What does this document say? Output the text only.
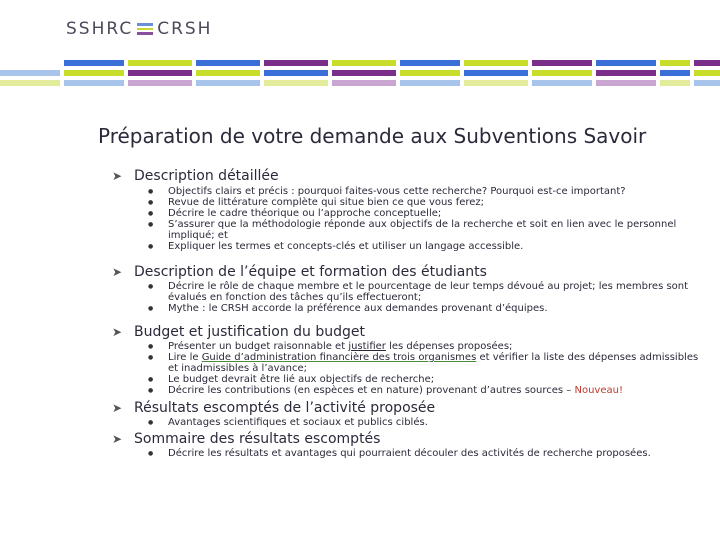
SSHRC CRSH
Préparation de votre demande aux Subventions Savoir
➤ Description détaillée
● Objectifs clairs et précis : pourquoi faites-vous cette recherche? Pourquoi est-ce important?
● Revue de littérature complète qui situe bien ce que vous ferez;
● Décrire le cadre théorique ou l’approche conceptuelle;
● S’assurer que la méthodologie réponde aux objectifs de la recherche et soit en lien avec le personnel impliqué; et
● Expliquer les termes et concepts-clés et utiliser un langage accessible.
➤ Description de l’équipe et formation des étudiants
● Décrire le rôle de chaque membre et le pourcentage de leur temps dévoué au projet; les membres sont évalués en fonction des tâches qu’ils effectueront;
● Mythe : le CRSH accorde la préférence aux demandes provenant d’équipes.
➤ Budget et justification du budget
● Présenter un budget raisonnable et justifier les dépenses proposées;
● Lire le Guide d’administration financière des trois organismes et vérifier la liste des dépenses admissibles et inadmissibles à l’avance;
● Le budget devrait être lié aux objectifs de recherche;
● Décrire les contributions (en espèces et en nature) provenant d’autres sources – Nouveau!
➤ Résultats escomptés de l’activité proposée
● Avantages scientifiques et sociaux et publics ciblés.
➤ Sommaire des résultats escomptés
● Décrire les résultats et avantages qui pourraient découler des activités de recherche proposées.
